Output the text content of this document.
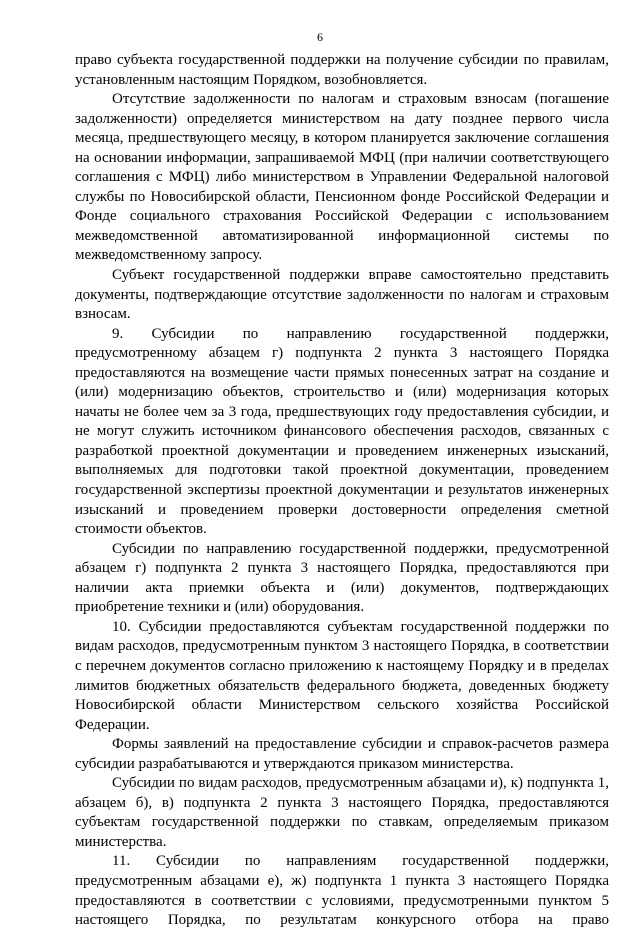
6

право субъекта государственной поддержки на получение субсидии по правилам, установленным настоящим Порядком, возобновляется.

Отсутствие задолженности по налогам и страховым взносам (погашение задолженности) определяется министерством на дату позднее первого числа месяца, предшествующего месяцу, в котором планируется заключение соглашения на основании информации, запрашиваемой МФЦ (при наличии соответствующего соглашения с МФЦ) либо министерством в Управлении Федеральной налоговой службы по Новосибирской области, Пенсионном фонде Российской Федерации и Фонде социального страхования Российской Федерации с использованием межведомственной автоматизированной информационной системы по межведомственному запросу.

Субъект государственной поддержки вправе самостоятельно представить документы, подтверждающие отсутствие задолженности по налогам и страховым взносам.

9. Субсидии по направлению государственной поддержки, предусмотренному абзацем г) подпункта 2 пункта 3 настоящего Порядка предоставляются на возмещение части прямых понесенных затрат на создание и (или) модернизацию объектов, строительство и (или) модернизация которых начаты не более чем за 3 года, предшествующих году предоставления субсидии, и не могут служить источником финансового обеспечения расходов, связанных с разработкой проектной документации и проведением инженерных изысканий, выполняемых для подготовки такой проектной документации, проведением государственной экспертизы проектной документации и результатов инженерных изысканий и проведением проверки достоверности определения сметной стоимости объектов.

Субсидии по направлению государственной поддержки, предусмотренной абзацем г) подпункта 2 пункта 3 настоящего Порядка, предоставляются при наличии акта приемки объекта и (или) документов, подтверждающих приобретение техники и (или) оборудования.

10. Субсидии предоставляются субъектам государственной поддержки по видам расходов, предусмотренным пунктом 3 настоящего Порядка, в соответствии с перечнем документов согласно приложению к настоящему Порядку и в пределах лимитов бюджетных обязательств федерального бюджета, доведенных бюджету Новосибирской области Министерством сельского хозяйства Российской Федерации.

Формы заявлений на предоставление субсидии и справок-расчетов размера субсидии разрабатываются и утверждаются приказом министерства.

Субсидии по видам расходов, предусмотренным абзацами и), к) подпункта 1, абзацем б), в) подпункта 2 пункта 3 настоящего Порядка, предоставляются субъектам государственной поддержки по ставкам, определяемым приказом министерства.

11. Субсидии по направлениям государственной поддержки, предусмотренным абзацами е), ж) подпункта 1 пункта 3 настоящего Порядка предоставляются в соответствии с условиями, предусмотренными пунктом 5 настоящего Порядка, по результатам конкурсного отбора на право
